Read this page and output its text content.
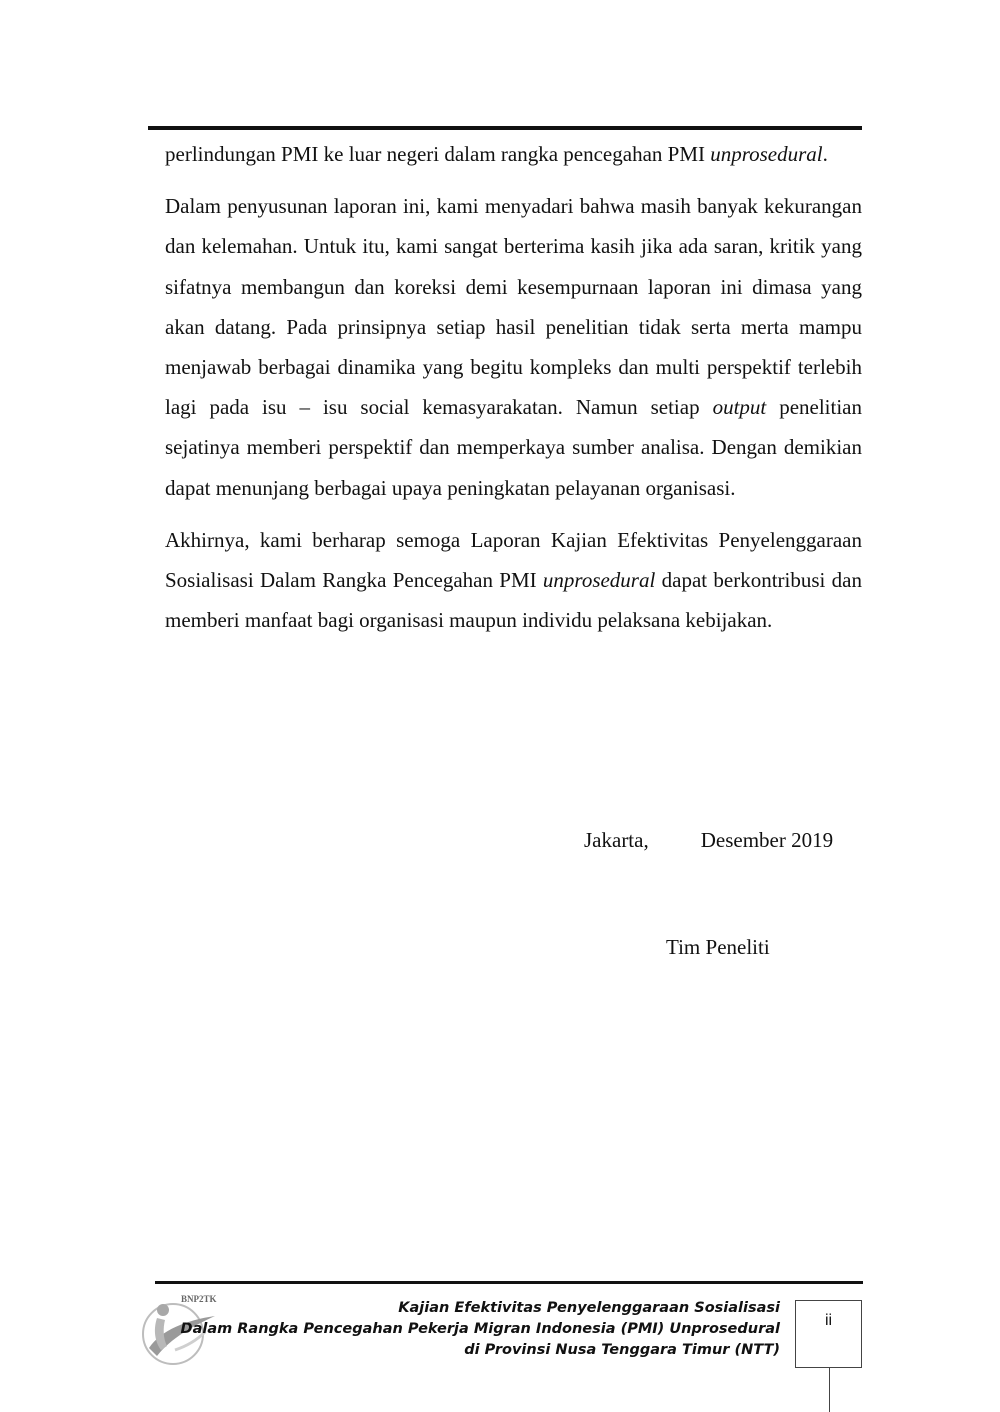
perlindungan PMI ke luar negeri dalam rangka pencegahan PMI unprosedural.

Dalam penyusunan laporan ini, kami menyadari bahwa masih banyak kekurangan dan kelemahan. Untuk itu, kami sangat berterima kasih jika ada saran, kritik yang sifatnya membangun dan koreksi demi kesempurnaan laporan ini dimasa yang akan datang. Pada prinsipnya setiap hasil penelitian tidak serta merta mampu menjawab berbagai dinamika yang begitu kompleks dan multi perspektif terlebih lagi pada isu – isu social kemasyarakatan. Namun setiap output penelitian sejatinya memberi perspektif dan memperkaya sumber analisa. Dengan demikian dapat menunjang berbagai upaya peningkatan pelayanan organisasi.

Akhirnya, kami berharap semoga Laporan Kajian Efektivitas Penyelenggaraan Sosialisasi Dalam Rangka Pencegahan PMI unprosedural dapat berkontribusi dan memberi manfaat bagi organisasi maupun individu pelaksana kebijakan.

Jakarta, Desember 2019
Tim Peneliti
BNP2TK
Kajian Efektivitas Penyelenggaraan Sosialisasi
Dalam Rangka Pencegahan Pekerja Migran Indonesia (PMI) Unprosedural
di Provinsi Nusa Tenggara Timur (NTT)
ii
